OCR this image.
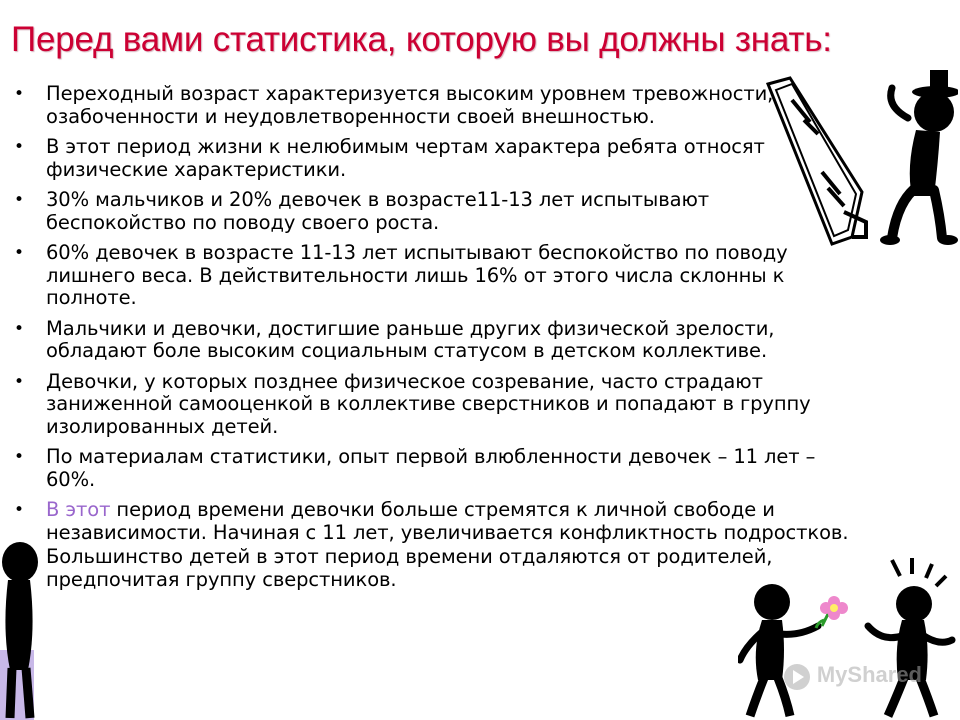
Перед вами статистика, которую вы должны знать:
• Переходный возраст характеризуется высоким уровнем тревожности, озабоченности и неудовлетворенности своей внешностью.
• В этот период жизни к нелюбимым чертам характера ребята относят физические характеристики.
• 30% мальчиков и 20% девочек в возрасте11-13 лет испытывают беспокойство по поводу своего роста.
• 60% девочек в возрасте 11-13 лет испытывают беспокойство по поводу лишнего веса. В действительности лишь 16% от этого числа склонны к полноте.
• Мальчики и девочки, достигшие раньше других физической зрелости, обладают боле высоким социальным статусом в детском коллективе.
• Девочки, у которых позднее физическое созревание, часто страдают заниженной самооценкой в коллективе сверстников и попадают в группу изолированных детей.
• По материалам статистики, опыт первой влюбленности девочек – 11 лет – 60%.
• В этот период времени девочки больше стремятся к личной свободе и независимости. Начиная с 11 лет, увеличивается конфликтность подростков.
• Большинство детей в этот период времени отдаляются от родителей, предпочитая группу сверстников.
MyShared
